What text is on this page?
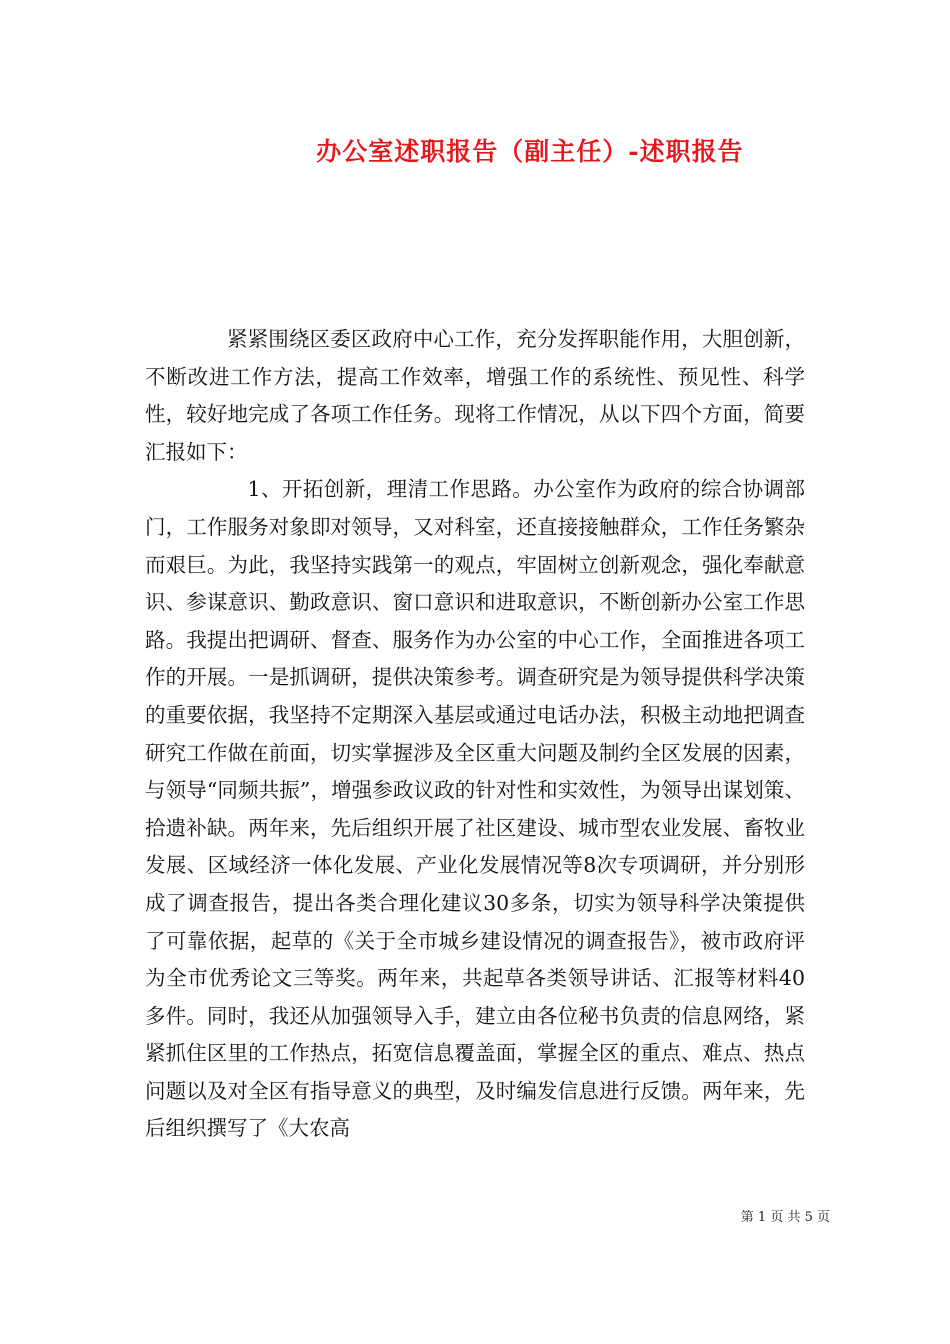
办公室述职报告（副主任）-述职报告

紧紧围绕区委区政府中心工作，充分发挥职能作用，大胆创新，不断改进工作方法，提高工作效率，增强工作的系统性、预见性、科学性，较好地完成了各项工作任务。现将工作情况，从以下四个方面，简要汇报如下：

1、开拓创新，理清工作思路。办公室作为政府的综合协调部门，工作服务对象即对领导，又对科室，还直接接触群众，工作任务繁杂而艰巨。为此，我坚持实践第一的观点，牢固树立创新观念，强化奉献意识、参谋意识、勤政意识、窗口意识和进取意识，不断创新办公室工作思路。我提出把调研、督查、服务作为办公室的中心工作，全面推进各项工作的开展。一是抓调研，提供决策参考。调查研究是为领导提供科学决策的重要依据，我坚持不定期深入基层或通过电话办法，积极主动地把调查研究工作做在前面，切实掌握涉及全区重大问题及制约全区发展的因素，与领导“同频共振”，增强参政议政的针对性和实效性，为领导出谋划策、拾遗补缺。两年来，先后组织开展了社区建设、城市型农业发展、畜牧业发展、区域经济一体化发展、产业化发展情况等8次专项调研，并分别形成了调查报告，提出各类合理化建议30多条，切实为领导科学决策提供了可靠依据，起草的《关于全市城乡建设情况的调查报告》，被市政府评为全市优秀论文三等奖。两年来，共起草各类领导讲话、汇报等材料40多件。同时，我还从加强领导入手，建立由各位秘书负责的信息网络，紧紧抓住区里的工作热点，拓宽信息覆盖面，掌握全区的重点、难点、热点问题以及对全区有指导意义的典型，及时编发信息进行反馈。两年来，先后组织撰写了《大农高

第 1 页 共 5 页
